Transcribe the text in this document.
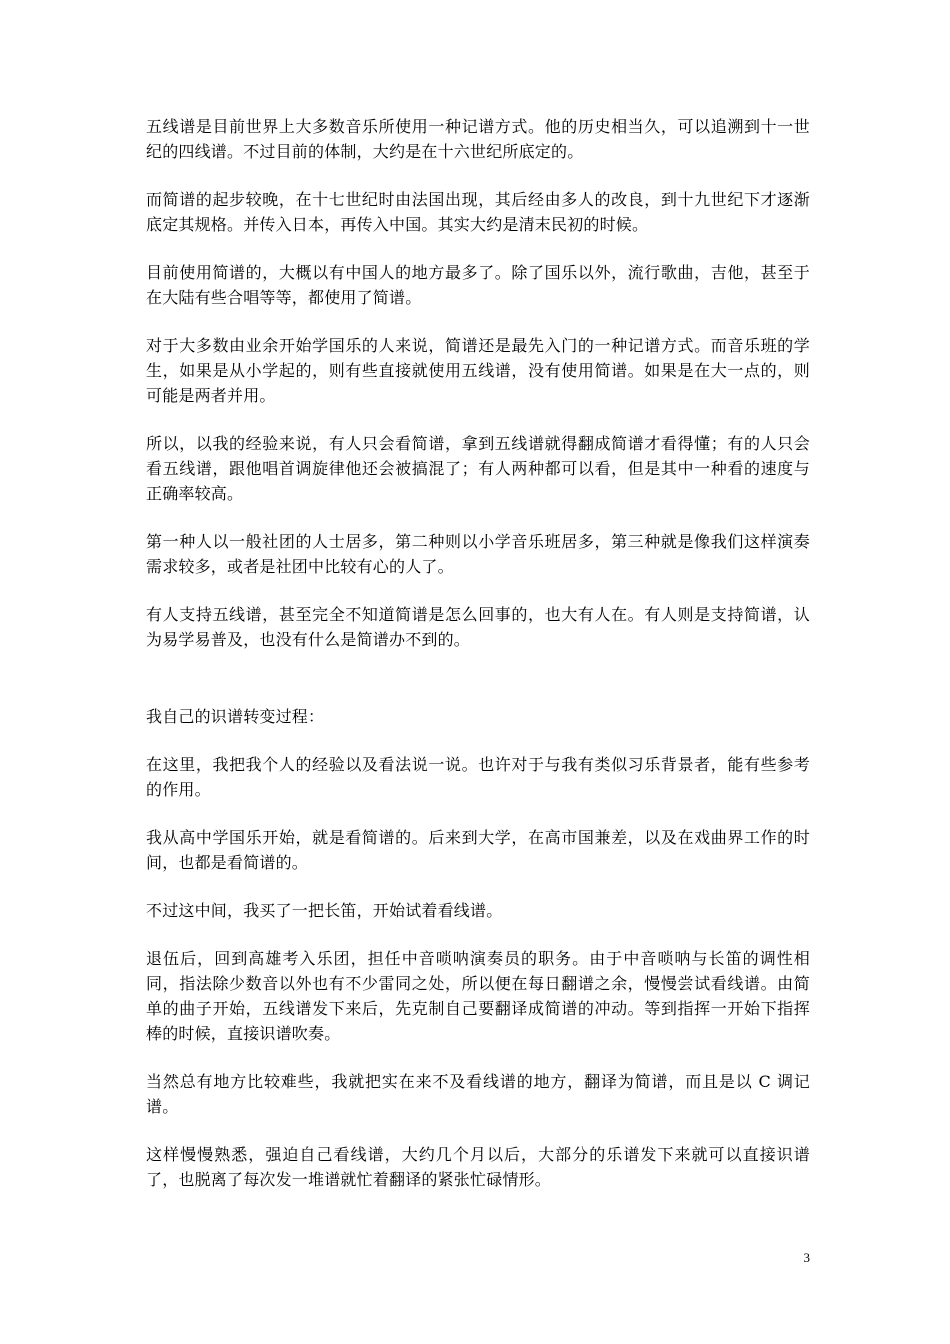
五线谱是目前世界上大多数音乐所使用一种记谱方式。他的历史相当久，可以追溯到十一世纪的四线谱。不过目前的体制，大约是在十六世纪所底定的。

而简谱的起步较晚，在十七世纪时由法国出现，其后经由多人的改良，到十九世纪下才逐渐底定其规格。并传入日本，再传入中国。其实大约是清末民初的时候。

目前使用简谱的，大概以有中国人的地方最多了。除了国乐以外，流行歌曲，吉他，甚至于在大陆有些合唱等等，都使用了简谱。

对于大多数由业余开始学国乐的人来说，简谱还是最先入门的一种记谱方式。而音乐班的学生，如果是从小学起的，则有些直接就使用五线谱，没有使用简谱。如果是在大一点的，则可能是两者并用。

所以，以我的经验来说，有人只会看简谱，拿到五线谱就得翻成简谱才看得懂；有的人只会看五线谱，跟他唱首调旋律他还会被搞混了；有人两种都可以看，但是其中一种看的速度与正确率较高。

第一种人以一般社团的人士居多，第二种则以小学音乐班居多，第三种就是像我们这样演奏需求较多，或者是社团中比较有心的人了。

有人支持五线谱，甚至完全不知道简谱是怎么回事的，也大有人在。有人则是支持简谱，认为易学易普及，也没有什么是简谱办不到的。

我自己的识谱转变过程：

在这里，我把我个人的经验以及看法说一说。也许对于与我有类似习乐背景者，能有些参考的作用。

我从高中学国乐开始，就是看简谱的。后来到大学，在高市国兼差，以及在戏曲界工作的时间，也都是看简谱的。

不过这中间，我买了一把长笛，开始试着看线谱。

退伍后，回到高雄考入乐团，担任中音唢呐演奏员的职务。由于中音唢呐与长笛的调性相同，指法除少数音以外也有不少雷同之处，所以便在每日翻谱之余，慢慢尝试看线谱。由简单的曲子开始，五线谱发下来后，先克制自己要翻译成简谱的冲动。等到指挥一开始下指挥棒的时候，直接识谱吹奏。

当然总有地方比较难些，我就把实在来不及看线谱的地方，翻译为简谱，而且是以 C 调记谱。

这样慢慢熟悉，强迫自己看线谱，大约几个月以后，大部分的乐谱发下来就可以直接识谱了，也脱离了每次发一堆谱就忙着翻译的紧张忙碌情形。

3
